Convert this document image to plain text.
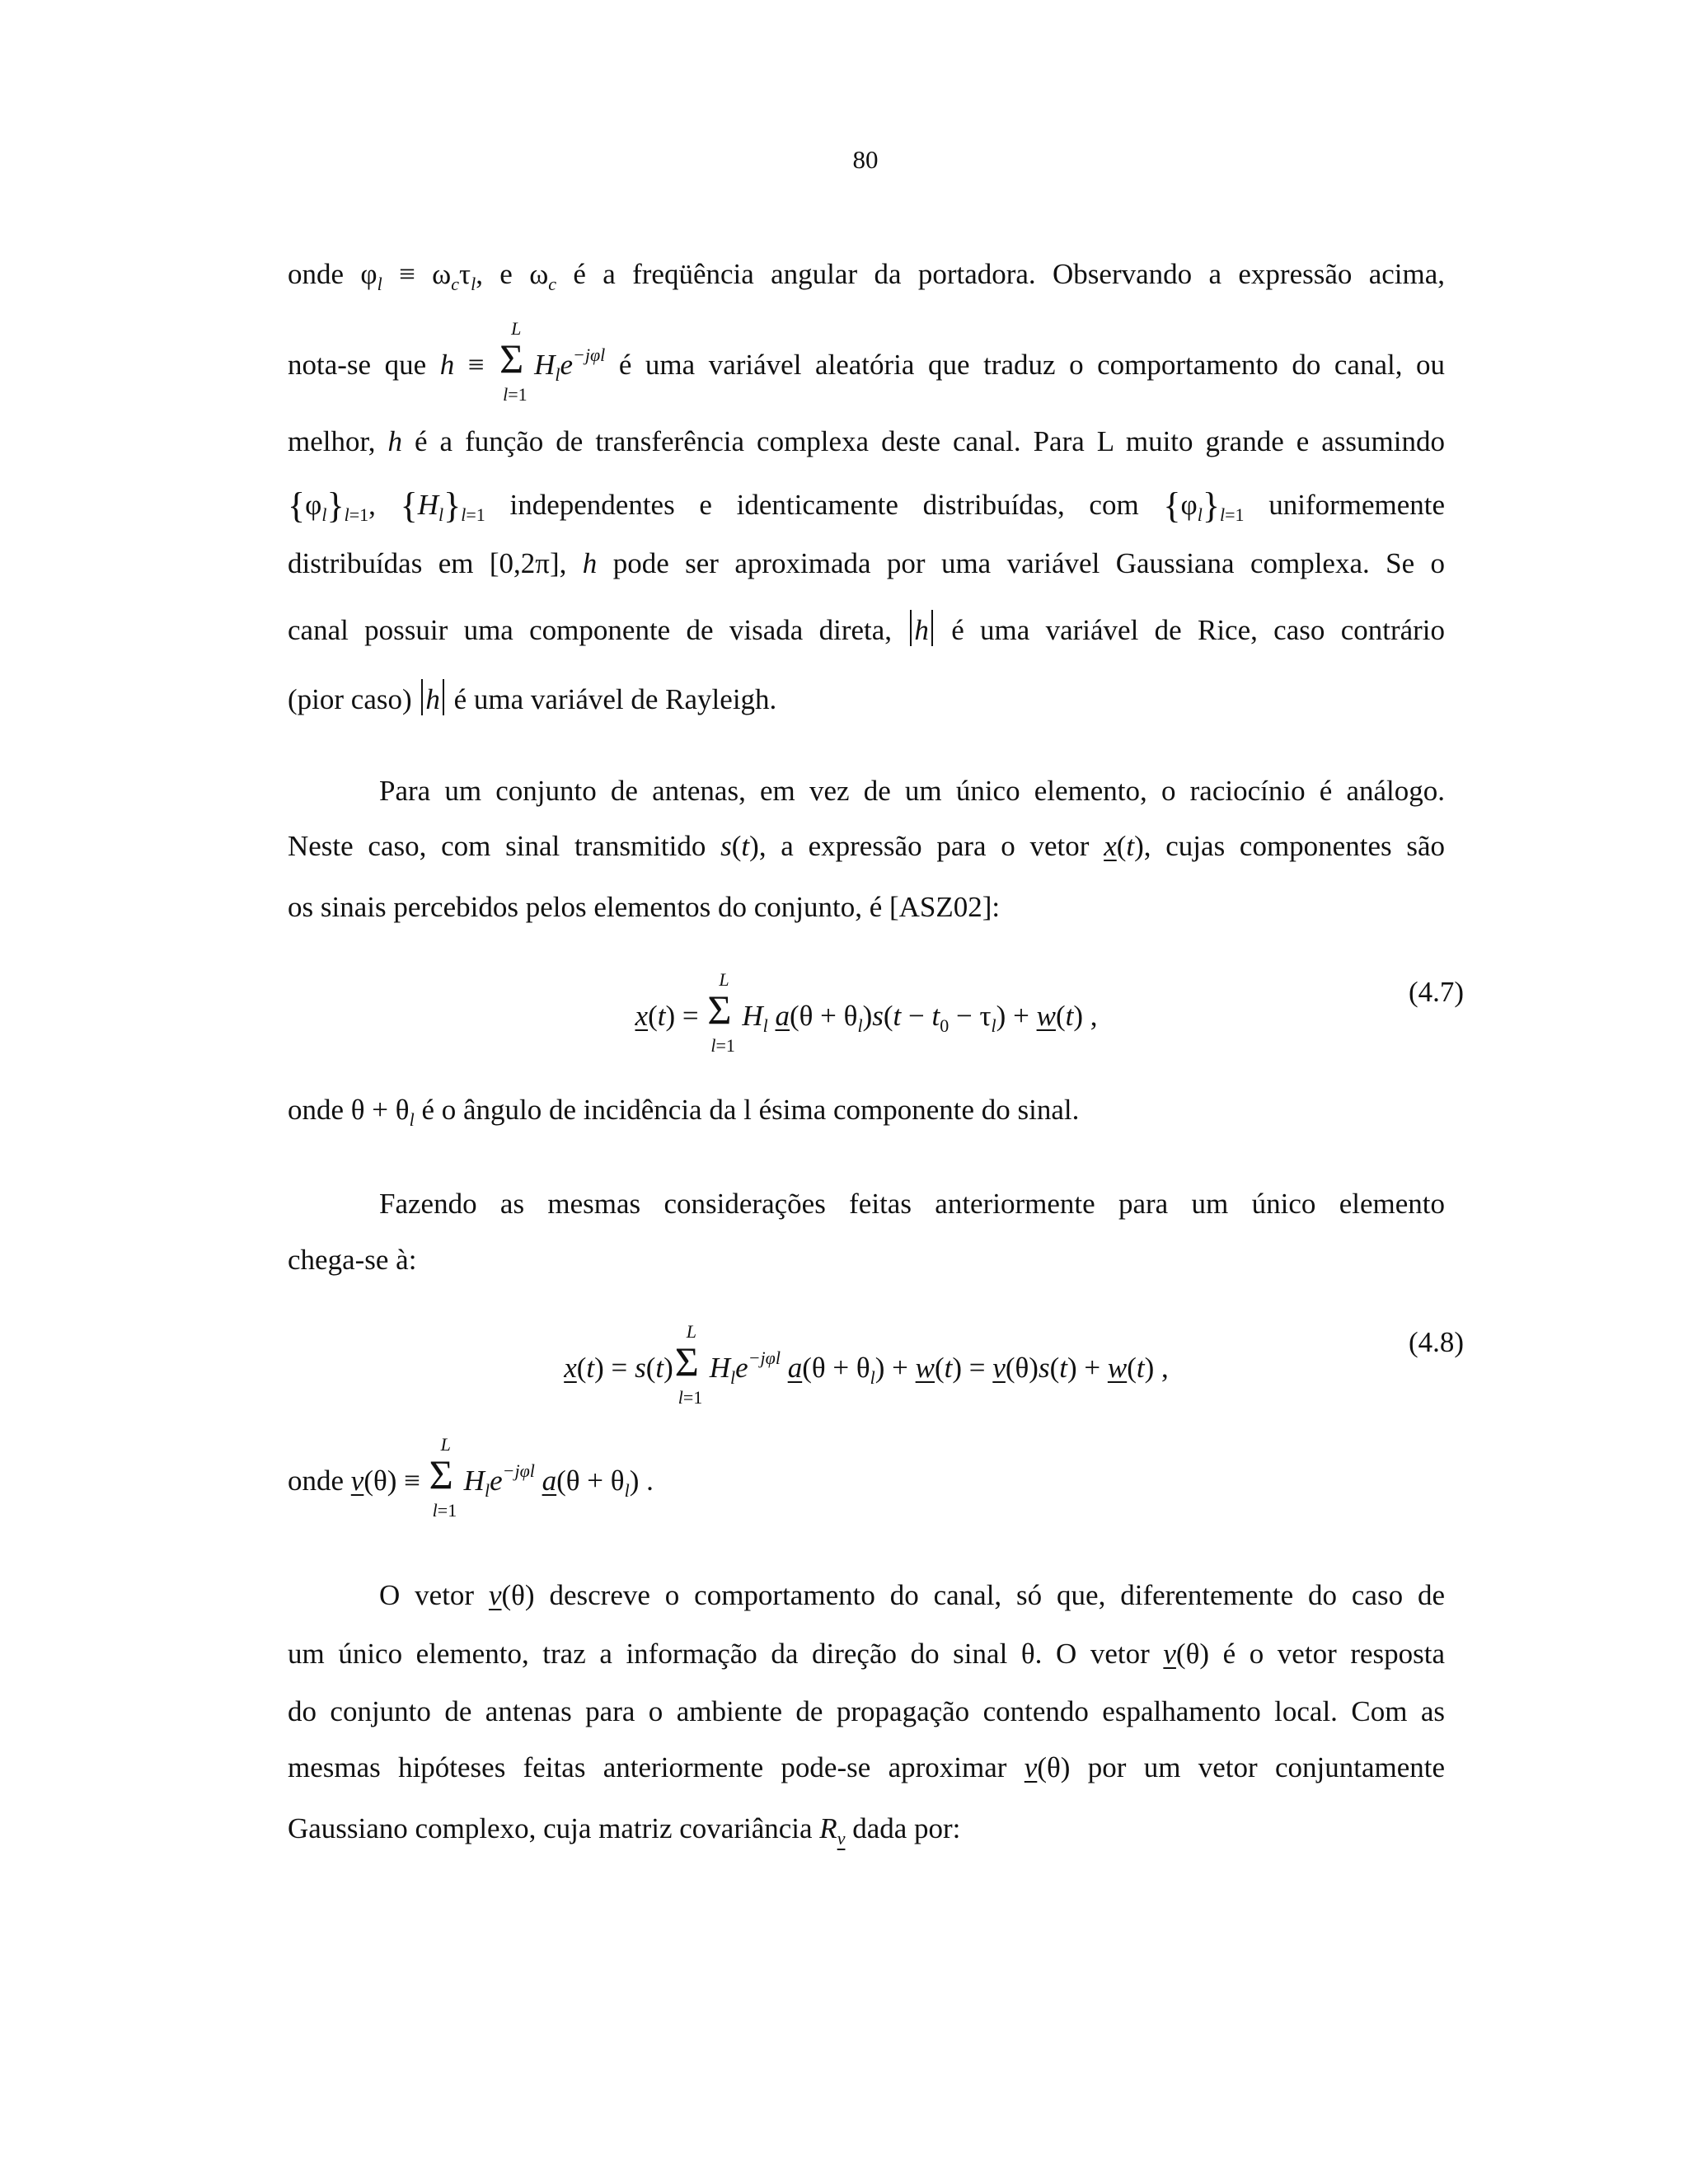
80
onde $\varphi_l \equiv \omega_c\tau_l$, e $\omega_c$ é a freqüência angular da portadora. Observando a expressão acima,
nota-se que h ≡ Σ
L
l=1
$H_le^{-j\varphi l}$ é uma variável aleatória que traduz o comportamento do canal, ou
melhor, h é a função de transferência complexa deste canal. Para L muito grande e assumindo
$\{\varphi_l\}_{l=1}$, $\{H_l\}_{l=1}$ independentes e identicamente distribuídas, com $\{\varphi_l\}_{l=1}$ uniformemente
distribuídas em [0,2π], h pode ser aproximada por uma variável Gaussiana complexa. Se o
canal possuir uma componente de visada direta, h é uma variável de Rice, caso contrário
(pior caso) h é uma variável de Rayleigh.
Para um conjunto de antenas, em vez de um único elemento, o raciocínio é análogo.
Neste caso, com sinal transmitido s(t), a expressão para o vetor x(t), cujas componentes são
os sinais percebidos pelos elementos do conjunto, é [ASZ02]:
x(t) = Σ
L
l=1
$H_l$ $a(\theta + \theta_l)s(t - t_0 - \tau_l) + w(t)$ ,
(4.7)
onde $\theta + \theta_l$ é o ângulo de incidência da l ésima componente do sinal.
Fazendo as mesmas considerações feitas anteriormente para um único elemento
chega-se à:
x(t) = s(t) Σ
L
l=1
$H_le^{-j\varphi l}$ $a(\theta + \theta_l) + w(t) = v(\theta)s(t) + w(t)$ ,
(4.8)
onde v(θ) ≡ Σ
L
l=1
$H_le^{-j\varphi l}$ $a(\theta + \theta_l)$ .
O vetor v(θ) descreve o comportamento do canal, só que, diferentemente do caso de
um único elemento, traz a informação da direção do sinal θ. O vetor v(θ) é o vetor resposta
do conjunto de antenas para o ambiente de propagação contendo espalhamento local. Com as
mesmas hipóteses feitas anteriormente pode-se aproximar v(θ) por um vetor conjuntamente
Gaussiano complexo, cuja matriz covariância $R_v$ dada por:
